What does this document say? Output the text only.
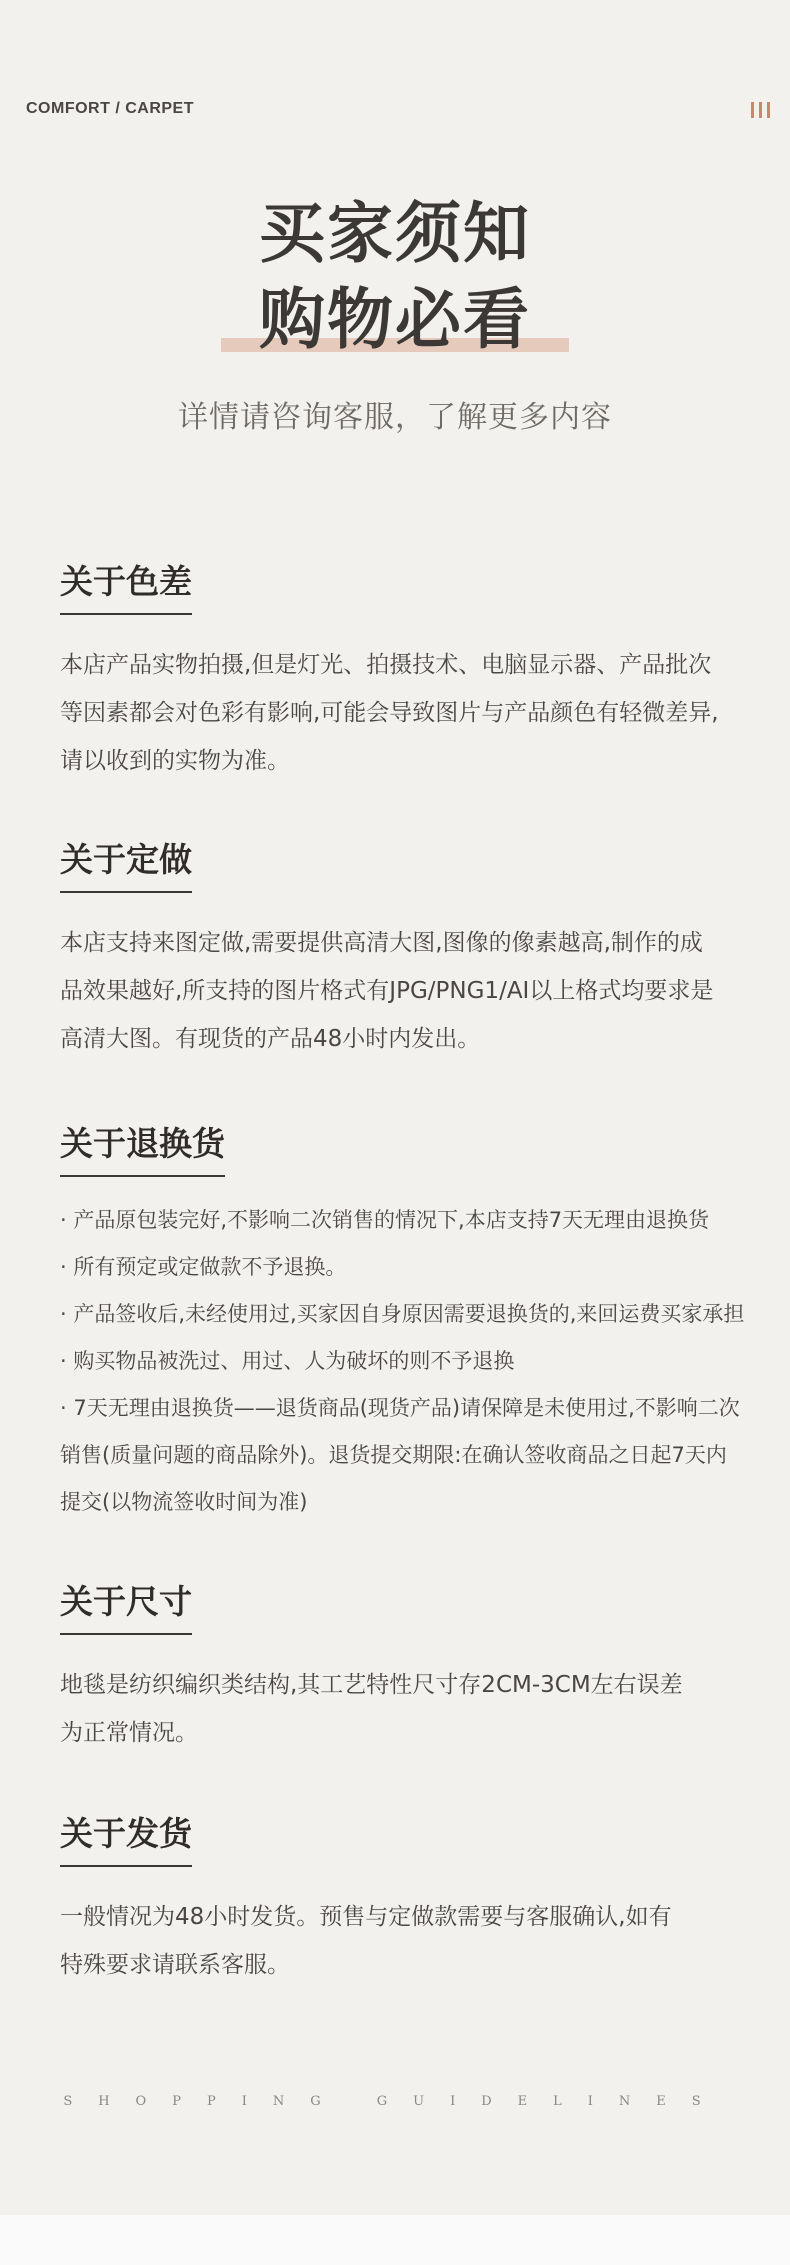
COMFORT / CARPET
买家须知
购物必看
详情请咨询客服，了解更多内容
关于色差
本店产品实物拍摄,但是灯光、拍摄技术、电脑显示器、产品批次
等因素都会对色彩有影响,可能会导致图片与产品颜色有轻微差异,
请以收到的实物为准。
关于定做
本店支持来图定做,需要提供高清大图,图像的像素越高,制作的成
品效果越好,所支持的图片格式有JPG/PNG1/AI以上格式均要求是
高清大图。有现货的产品48小时内发出。
关于退换货
· 产品原包装完好,不影响二次销售的情况下,本店支持7天无理由退换货
· 所有预定或定做款不予退换。
· 产品签收后,未经使用过,买家因自身原因需要退换货的,来回运费买家承担
· 购买物品被洗过、用过、人为破坏的则不予退换
· 7天无理由退换货——退货商品(现货产品)请保障是未使用过,不影响二次
销售(质量问题的商品除外)。退货提交期限:在确认签收商品之日起7天内
提交(以物流签收时间为准)
关于尺寸
地毯是纺织编织类结构,其工艺特性尺寸存2CM-3CM左右误差
为正常情况。
关于发货
一般情况为48小时发货。预售与定做款需要与客服确认,如有
特殊要求请联系客服。
SHOPPING GUIDELINES
